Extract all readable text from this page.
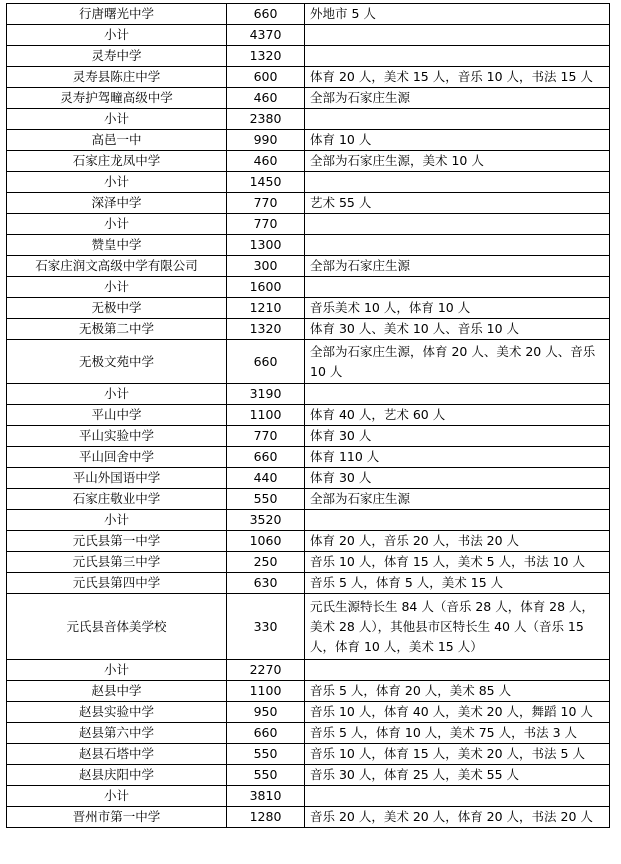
行唐曙光中学	660	外地市 5 人
小计	4370	
灵寿中学	1320	
灵寿县陈庄中学	600	体育 20 人，美术 15 人，音乐 10 人，书法 15 人
灵寿护驾疃高级中学	460	全部为石家庄生源
小计	2380	
高邑一中	990	体育 10 人
石家庄龙凤中学	460	全部为石家庄生源，美术 10 人
小计	1450	
深泽中学	770	艺术 55 人
小计	770	
赞皇中学	1300	
石家庄润文高级中学有限公司	300	全部为石家庄生源
小计	1600	
无极中学	1210	音乐美术 10 人，体育 10 人
无极第二中学	1320	体育 30 人、美术 10 人、音乐 10 人
无极文苑中学	660	全部为石家庄生源，体育 20 人、美术 20 人、音乐 10 人
小计	3190	
平山中学	1100	体育 40 人，艺术 60 人
平山实验中学	770	体育 30 人
平山回舍中学	660	体育 110 人
平山外国语中学	440	体育 30 人
石家庄敬业中学	550	全部为石家庄生源
小计	3520	
元氏县第一中学	1060	体育 20 人，音乐 20 人，书法 20 人
元氏县第三中学	250	音乐 10 人，体育 15 人，美术 5 人，书法 10 人
元氏县第四中学	630	音乐 5 人，体育 5 人，美术 15 人
元氏县音体美学校	330	元氏生源特长生 84 人（音乐 28 人，体育 28 人，美术 28 人），其他县市区特长生 40 人（音乐 15 人，体育 10 人，美术 15 人）
小计	2270	
赵县中学	1100	音乐 5 人，体育 20 人，美术 85 人
赵县实验中学	950	音乐 10 人，体育 40 人，美术 20 人，舞蹈 10 人
赵县第六中学	660	音乐 5 人，体育 10 人，美术 75 人，书法 3 人
赵县石塔中学	550	音乐 10 人，体育 15 人，美术 20 人，书法 5 人
赵县庆阳中学	550	音乐 30 人，体育 25 人，美术 55 人
小计	3810	
晋州市第一中学	1280	音乐 20 人，美术 20 人，体育 20 人，书法 20 人
